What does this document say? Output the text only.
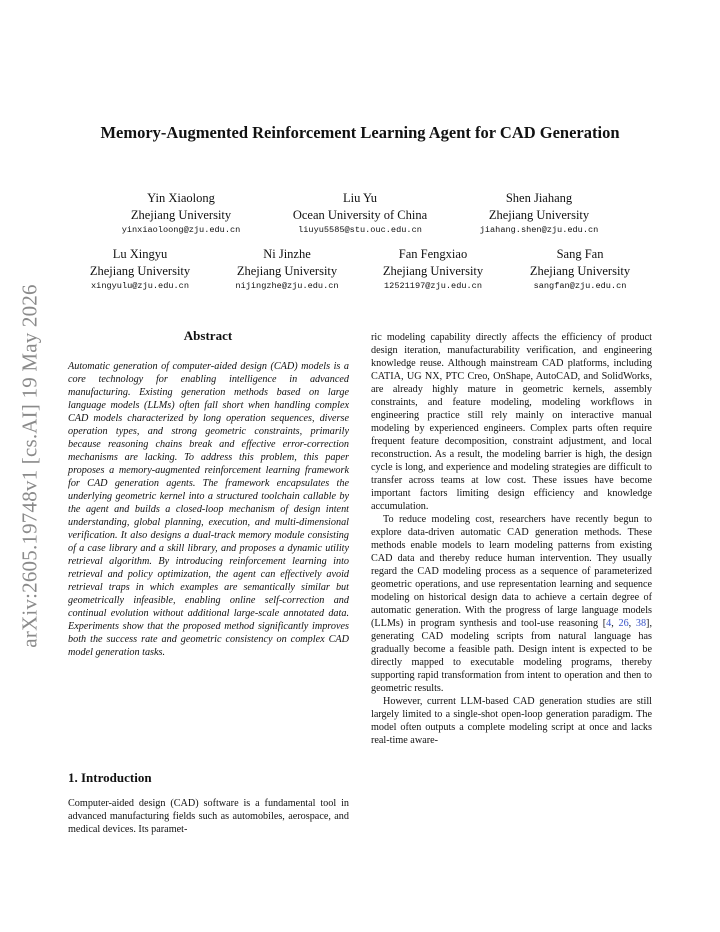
arXiv:2605.19748v1 [cs.AI] 19 May 2026
Memory-Augmented Reinforcement Learning Agent for CAD Generation
Yin Xiaolong
Zhejiang University
yinxiaoloong@zju.edu.cn
Liu Yu
Ocean University of China
liuyu5585@stu.ouc.edu.cn
Shen Jiahang
Zhejiang University
jiahang.shen@zju.edu.cn
Lu Xingyu
Zhejiang University
xingyulu@zju.edu.cn
Ni Jinzhe
Zhejiang University
nijingzhe@zju.edu.cn
Fan Fengxiao
Zhejiang University
12521197@zju.edu.cn
Sang Fan
Zhejiang University
sangfan@zju.edu.cn
Abstract
Automatic generation of computer-aided design (CAD) models is a core technology for enabling intelligence in advanced manufacturing. Existing generation methods based on large language models (LLMs) often fall short when handling complex CAD models characterized by long operation sequences, diverse operation types, and strong geometric constraints, primarily because reasoning chains break and effective error-correction mechanisms are lacking. To address this problem, this paper proposes a memory-augmented reinforcement learning framework for CAD generation agents. The framework encapsulates the underlying geometric kernel into a structured toolchain callable by the agent and builds a closed-loop mechanism of design intent understanding, global planning, execution, and multi-dimensional verification. It also designs a dual-track memory module consisting of a case library and a skill library, and proposes a dynamic utility retrieval algorithm. By introducing reinforcement learning into retrieval and policy optimization, the agent can effectively avoid retrieval traps in which examples are semantically similar but geometrically infeasible, enabling online self-correction and continual evolution without additional large-scale annotated data. Experiments show that the proposed method significantly improves both the success rate and geometric consistency on complex CAD model generation tasks.
1. Introduction
Computer-aided design (CAD) software is a fundamental tool in advanced manufacturing fields such as automobiles, aerospace, and medical devices. Its paramet-

ric modeling capability directly affects the efficiency of product design iteration, manufacturability verification, and engineering knowledge reuse. Although mainstream CAD platforms, including CATIA, UG NX, PTC Creo, OnShape, AutoCAD, and SolidWorks, are already highly mature in geometric kernels, assembly constraints, and feature modeling, modeling workflows in engineering practice still rely mainly on interactive manual modeling by experienced engineers. Complex parts often require frequent feature decomposition, constraint adjustment, and local reconstruction. As a result, the modeling barrier is high, the design cycle is long, and experience and modeling strategies are difficult to transfer across teams at low cost. These issues have become important factors limiting design efficiency and knowledge accumulation.

To reduce modeling cost, researchers have recently begun to explore data-driven automatic CAD generation methods. These methods enable models to learn modeling patterns from existing CAD data and thereby reduce human intervention. They usually regard the CAD modeling process as a sequence of parameterized geometric operations, and use representation learning and sequence modeling on historical design data to achieve a certain degree of automatic generation. With the progress of large language models (LLMs) in program synthesis and tool-use reasoning [4, 26, 38], generating CAD modeling scripts from natural language has gradually become a feasible path. Design intent is expected to be directly mapped to executable modeling programs, thereby supporting rapid transformation from intent to operation and then to geometric results.

However, current LLM-based CAD generation studies are still largely limited to a single-shot open-loop generation paradigm. The model often outputs a complete modeling script at once and lacks real-time aware-
